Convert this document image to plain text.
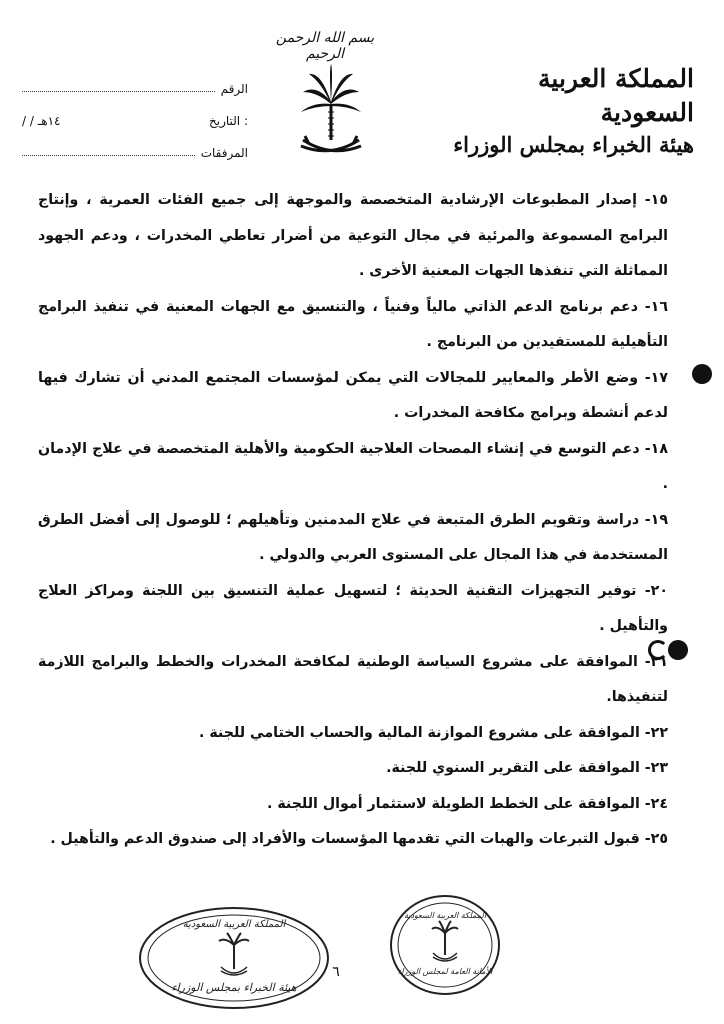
بسم الله الرحمن الرحيم
المملكة العربية السعودية
هيئة الخبراء بمجلس الوزراء
الرقم
التاريخ :
/ / ١٤هـ
المرفقات

١٥- إصدار المطبوعات الإرشادية المتخصصة والموجهة إلى جميع الفئات العمرية ، وإنتاج البرامج المسموعة والمرئية في مجال التوعية من أضرار تعاطي المخدرات ، ودعم الجهود المماثلة التي تنفذها الجهات المعنية الأخرى .

١٦- دعم برنامج الدعم الذاتي مالياً وفنياً ، والتنسيق مع الجهات المعنية في تنفيذ البرامج التأهيلية للمستفيدين من البرنامج .

١٧- وضع الأطر والمعايير للمجالات التي يمكن لمؤسسات المجتمع المدني أن تشارك فيها لدعم أنشطة وبرامج مكافحة المخدرات .

١٨- دعم التوسع في إنشاء المصحات العلاجية الحكومية والأهلية المتخصصة في علاج الإدمان .

١٩- دراسة وتقويم الطرق المتبعة في علاج المدمنين وتأهيلهم ؛ للوصول إلى أفضل الطرق المستخدمة في هذا المجال على المستوى العربي والدولي .

٢٠- توفير التجهيزات التقنية الحديثة ؛ لتسهيل عملية التنسيق بين اللجنة ومراكز العلاج والتأهيل .

٢١- الموافقة على مشروع السياسة الوطنية لمكافحة المخدرات والخطط والبرامج اللازمة لتنفيذها.

٢٢- الموافقة على مشروع الموازنة المالية والحساب الختامي للجنة .

٢٣- الموافقة على التقرير السنوي للجنة.

٢٤- الموافقة على الخطط الطويلة لاستثمار أموال اللجنة .

٢٥- قبول التبرعات والهبات التي تقدمها المؤسسات والأفراد إلى صندوق الدعم والتأهيل .

المملكة العربية السعودية
هيئة الخبراء بمجلس الوزراء
المملكة العربية السعودية
الأمانة العامة لمجلس الوزراء
٦
